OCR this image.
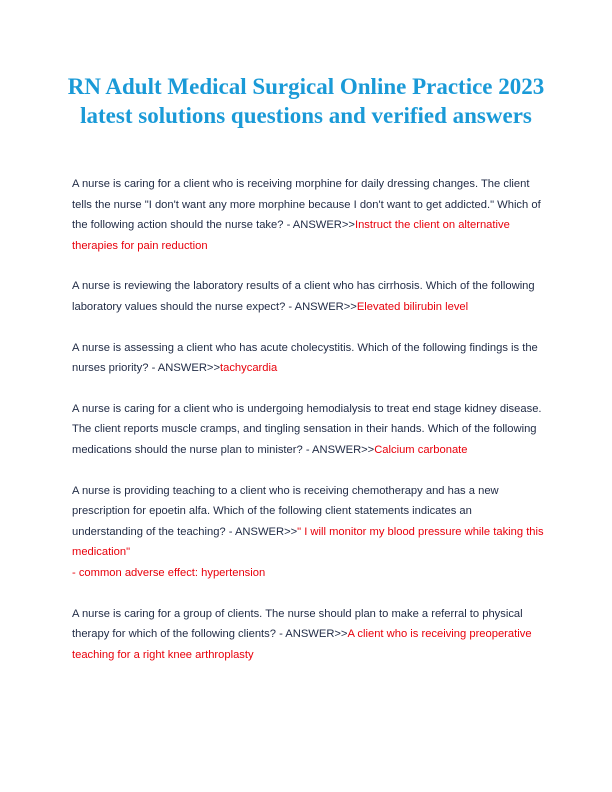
RN Adult Medical Surgical Online Practice 2023 latest solutions questions and verified answers

A nurse is caring for a client who is receiving morphine for daily dressing changes. The client tells the nurse "I don't want any more morphine because I don't want to get addicted." Which of the following action should the nurse take? - ANSWER>>Instruct the client on alternative therapies for pain reduction

A nurse is reviewing the laboratory results of a client who has cirrhosis. Which of the following laboratory values should the nurse expect? - ANSWER>>Elevated bilirubin level

A nurse is assessing a client who has acute cholecystitis. Which of the following findings is the nurses priority? - ANSWER>>tachycardia

A nurse is caring for a client who is undergoing hemodialysis to treat end stage kidney disease. The client reports muscle cramps, and tingling sensation in their hands. Which of the following medications should the nurse plan to minister? - ANSWER>>Calcium carbonate

A nurse is providing teaching to a client who is receiving chemotherapy and has a new prescription for epoetin alfa. Which of the following client statements indicates an understanding of the teaching? - ANSWER>>" I will monitor my blood pressure while taking this medication"
- common adverse effect: hypertension

A nurse is caring for a group of clients. The nurse should plan to make a referral to physical therapy for which of the following clients? - ANSWER>>A client who is receiving preoperative teaching for a right knee arthroplasty
